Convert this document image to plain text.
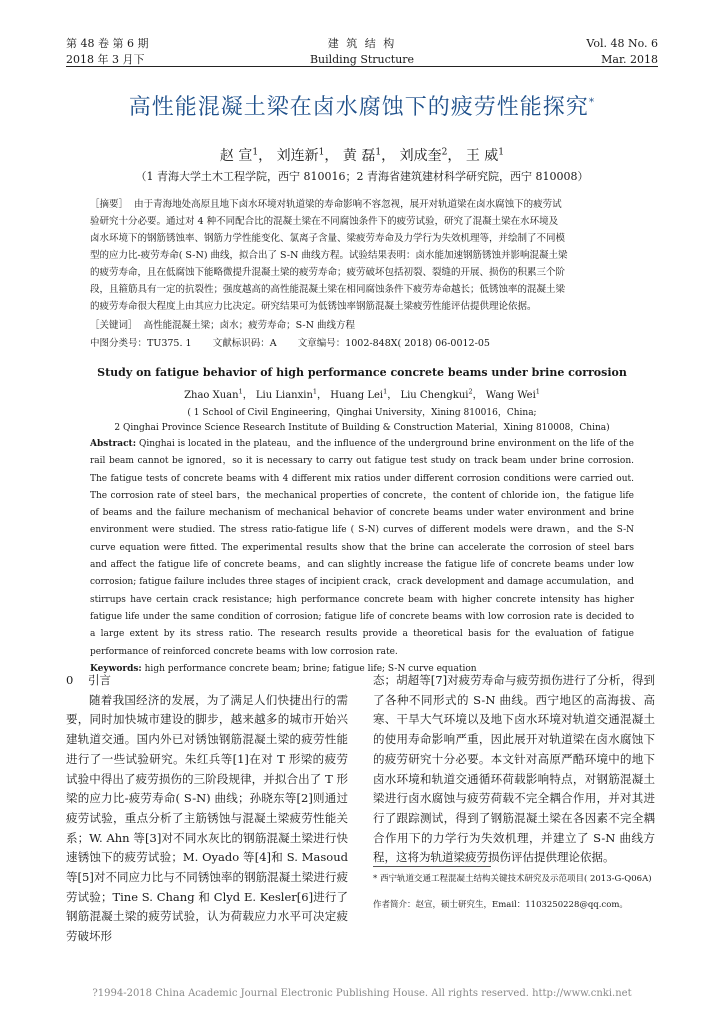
第 48 卷 第 6 期
2018 年 3 月下
建 筑 结 构
Building Structure
Vol. 48 No. 6
Mar. 2018
高性能混凝土梁在卤水腐蚀下的疲劳性能探究*
赵 宣$^1$， 刘连新$^1$， 黄 磊$^1$， 刘成奎$^2$， 王 威$^1$
（1 青海大学土木工程学院，西宁 810016；2 青海省建筑建材科学研究院，西宁 810008）
［摘要］ 由于青海地处高原且地下卤水环境对轨道梁的寿命影响不容忽视，展开对轨道梁在卤水腐蚀下的疲劳试
验研究十分必要。通过对 4 种不同配合比的混凝土梁在不同腐蚀条件下的疲劳试验，研究了混凝土梁在水环境及
卤水环境下的钢筋锈蚀率、钢筋力学性能变化、氯离子含量、梁疲劳寿命及力学行为失效机理等，并绘制了不同模
型的应力比-疲劳寿命( S-N) 曲线，拟合出了 S-N 曲线方程。试验结果表明：卤水能加速钢筋锈蚀并影响混凝土梁
的疲劳寿命，且在低腐蚀下能略微提升混凝土梁的疲劳寿命；疲劳破坏包括初裂、裂缝的开展、损伤的积累三个阶
段，且箍筋具有一定的抗裂性；强度越高的高性能混凝土梁在相同腐蚀条件下疲劳寿命越长；低锈蚀率的混凝土梁
的疲劳寿命很大程度上由其应力比决定。研究结果可为低锈蚀率钢筋混凝土梁疲劳性能评估提供理论依据。
［关键词］ 高性能混凝土梁；卤水；疲劳寿命；S-N 曲线方程
中图分类号：TU375. 1 文献标识码：A 文章编号：1002-848X( 2018) 06-0012-05
Study on fatigue behavior of high performance concrete beams under brine corrosion
Zhao Xuan$^1$， Liu Lianxin$^1$， Huang Lei$^1$， Liu Chengkui$^2$， Wang Wei$^1$
( 1 School of Civil Engineering，Qinghai University，Xining 810016，China;
2 Qinghai Province Science Research Institute of Building & Construction Material，Xining 810008，China)
Abstract: Qinghai is located in the plateau，and the influence of the underground brine environment on the life of the rail beam cannot be ignored，so it is necessary to carry out fatigue test study on track beam under brine corrosion. The fatigue tests of concrete beams with 4 different mix ratios under different corrosion conditions were carried out. The corrosion rate of steel bars，the mechanical properties of concrete，the content of chloride ion，the fatigue life of beams and the failure mechanism of mechanical behavior of concrete beams under water environment and brine environment were studied. The stress ratio-fatigue life ( S-N) curves of different models were drawn，and the S-N curve equation were fitted. The experimental results show that the brine can accelerate the corrosion of steel bars and affect the fatigue life of concrete beams，and can slightly increase the fatigue life of concrete beams under low corrosion; fatigue failure includes three stages of incipient crack，crack development and damage accumulation，and stirrups have certain crack resistance; high performance concrete beam with higher concrete intensity has higher fatigue life under the same condition of corrosion; fatigue life of concrete beams with low corrosion rate is decided to a large extent by its stress ratio. The research results provide a theoretical basis for the evaluation of fatigue performance of reinforced concrete beams with low corrosion rate.
Keywords: high performance concrete beam; brine; fatigue life; S-N curve equation
0 引言

随着我国经济的发展，为了满足人们快捷出行的需要，同时加快城市建设的脚步，越来越多的城市开始兴建轨道交通。国内外已对锈蚀钢筋混凝土梁的疲劳性能进行了一些试验研究。朱红兵等[1]在对 T 形梁的疲劳试验中得出了疲劳损伤的三阶段规律，并拟合出了 T 形梁的应力比-疲劳寿命( S-N) 曲线；孙晓东等[2]则通过疲劳试验，重点分析了主筋锈蚀与混凝土梁疲劳性能关系；W. Ahn 等[3]对不同水灰比的钢筋混凝土梁进行快速锈蚀下的疲劳试验；M. Oyado 等[4]和 S. Masoud 等[5]对不同应力比与不同锈蚀率的钢筋混凝土梁进行疲劳试验；Tine S. Chang 和 Clyd E. Kesler[6]进行了钢筋混凝土梁的疲劳试验，认为荷载应力水平可决定疲劳破坏形

态；胡超等[7]对疲劳寿命与疲劳损伤进行了分析，得到了各种不同形式的 S-N 曲线。西宁地区的高海拔、高寒、干旱大气环境以及地下卤水环境对轨道交通混凝土的使用寿命影响严重，因此展开对轨道梁在卤水腐蚀下的疲劳研究十分必要。本文针对高原严酷环境中的地下卤水环境和轨道交通循环荷载影响特点，对钢筋混凝土梁进行卤水腐蚀与疲劳荷载不完全耦合作用，并对其进行了跟踪测试，得到了钢筋混凝土梁在各因素不完全耦合作用下的力学行为失效机理，并建立了 S-N 曲线方程，这将为轨道梁疲劳损伤评估提供理论依据。

* 西宁轨道交通工程混凝土结构关键技术研究及示范项目( 2013-G-Q06A)
作者简介：赵宣，硕士研究生，Email：1103250228@qq.com。
?1994-2018 China Academic Journal Electronic Publishing House. All rights reserved. http://www.cnki.net
